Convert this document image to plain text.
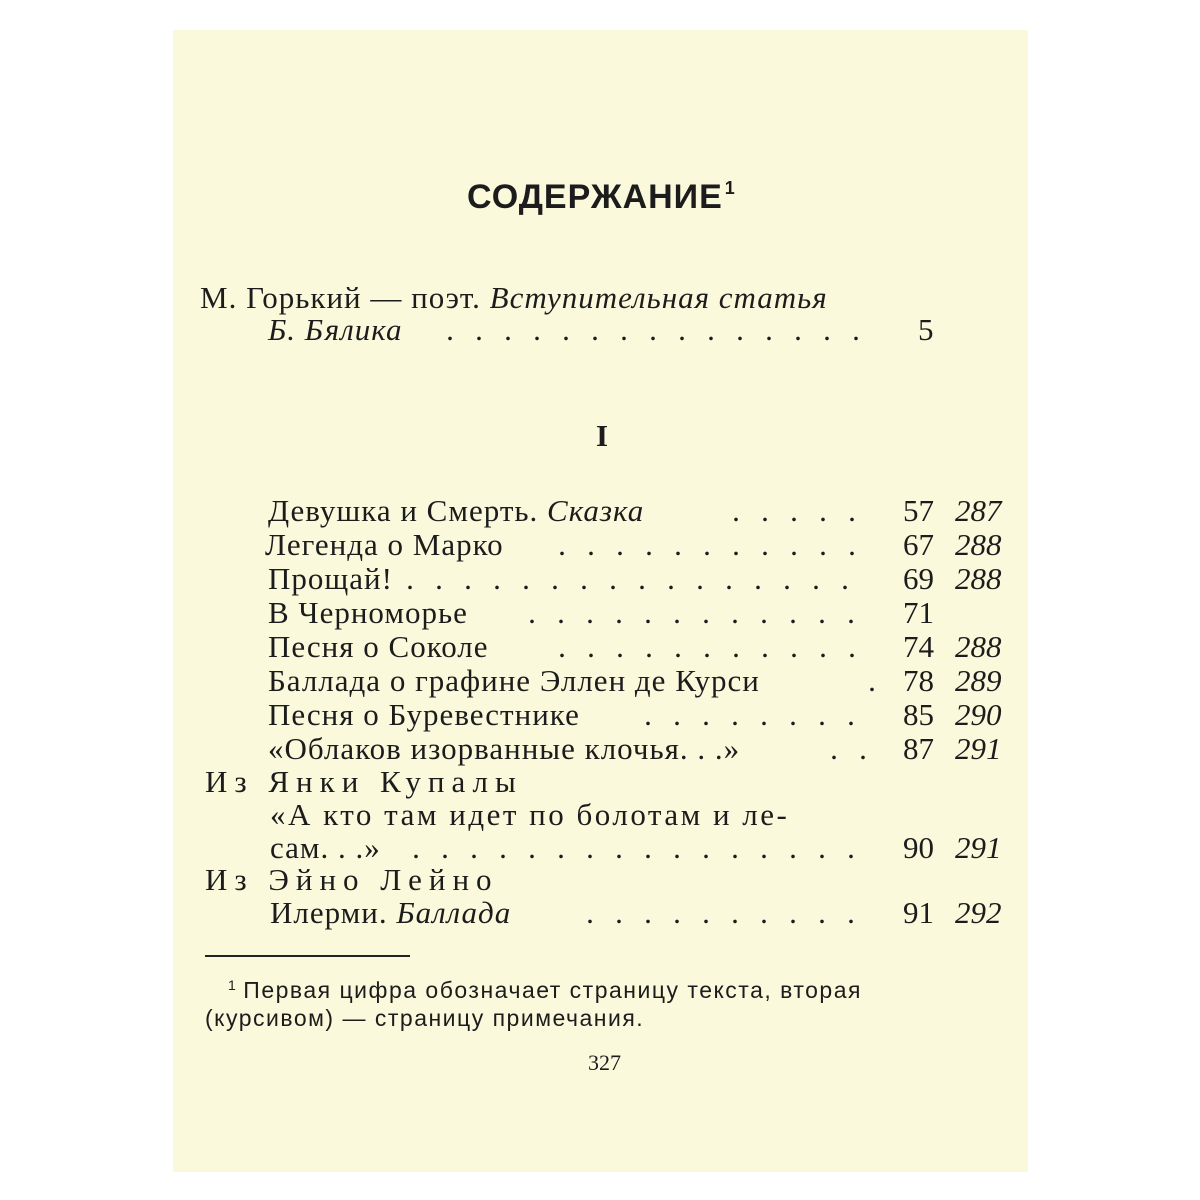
СОДЕРЖАНИЕ $^1$
М. Горький — поэт. Вступительная статья
Б. Бялика	. . . . . . . . . . . . . . .	5
I
Девушка и Смерть. Сказка	. . . . .	57 287
Легенда о Марко	. . . . . . . . . . .	67 288
Прощай! . . . . . . . . . . . . . . . .	69 288
В Черноморье	. . . . . . . . . . . .	71
Песня о Соколе	. . . . . . . . . . .	74 288
Баллада о графине Эллен де Курси	. 78 289
Песня о Буревестнике	. . . . . . . .	85 290
«Облаков изорванные клочья. . .»	. .	87 291
Из Янки Купалы
«А кто там идет по болотам и ле-
сам. . .»	. . . . . . . . . . . . . . . .	90 291
Из Эйно Лейно
Илерми. Баллада	. . . . . . . . . .	91 292
$^1$ Первая цифра обозначает страницу текста, вторая
(курсивом) — страницу примечания.
327
